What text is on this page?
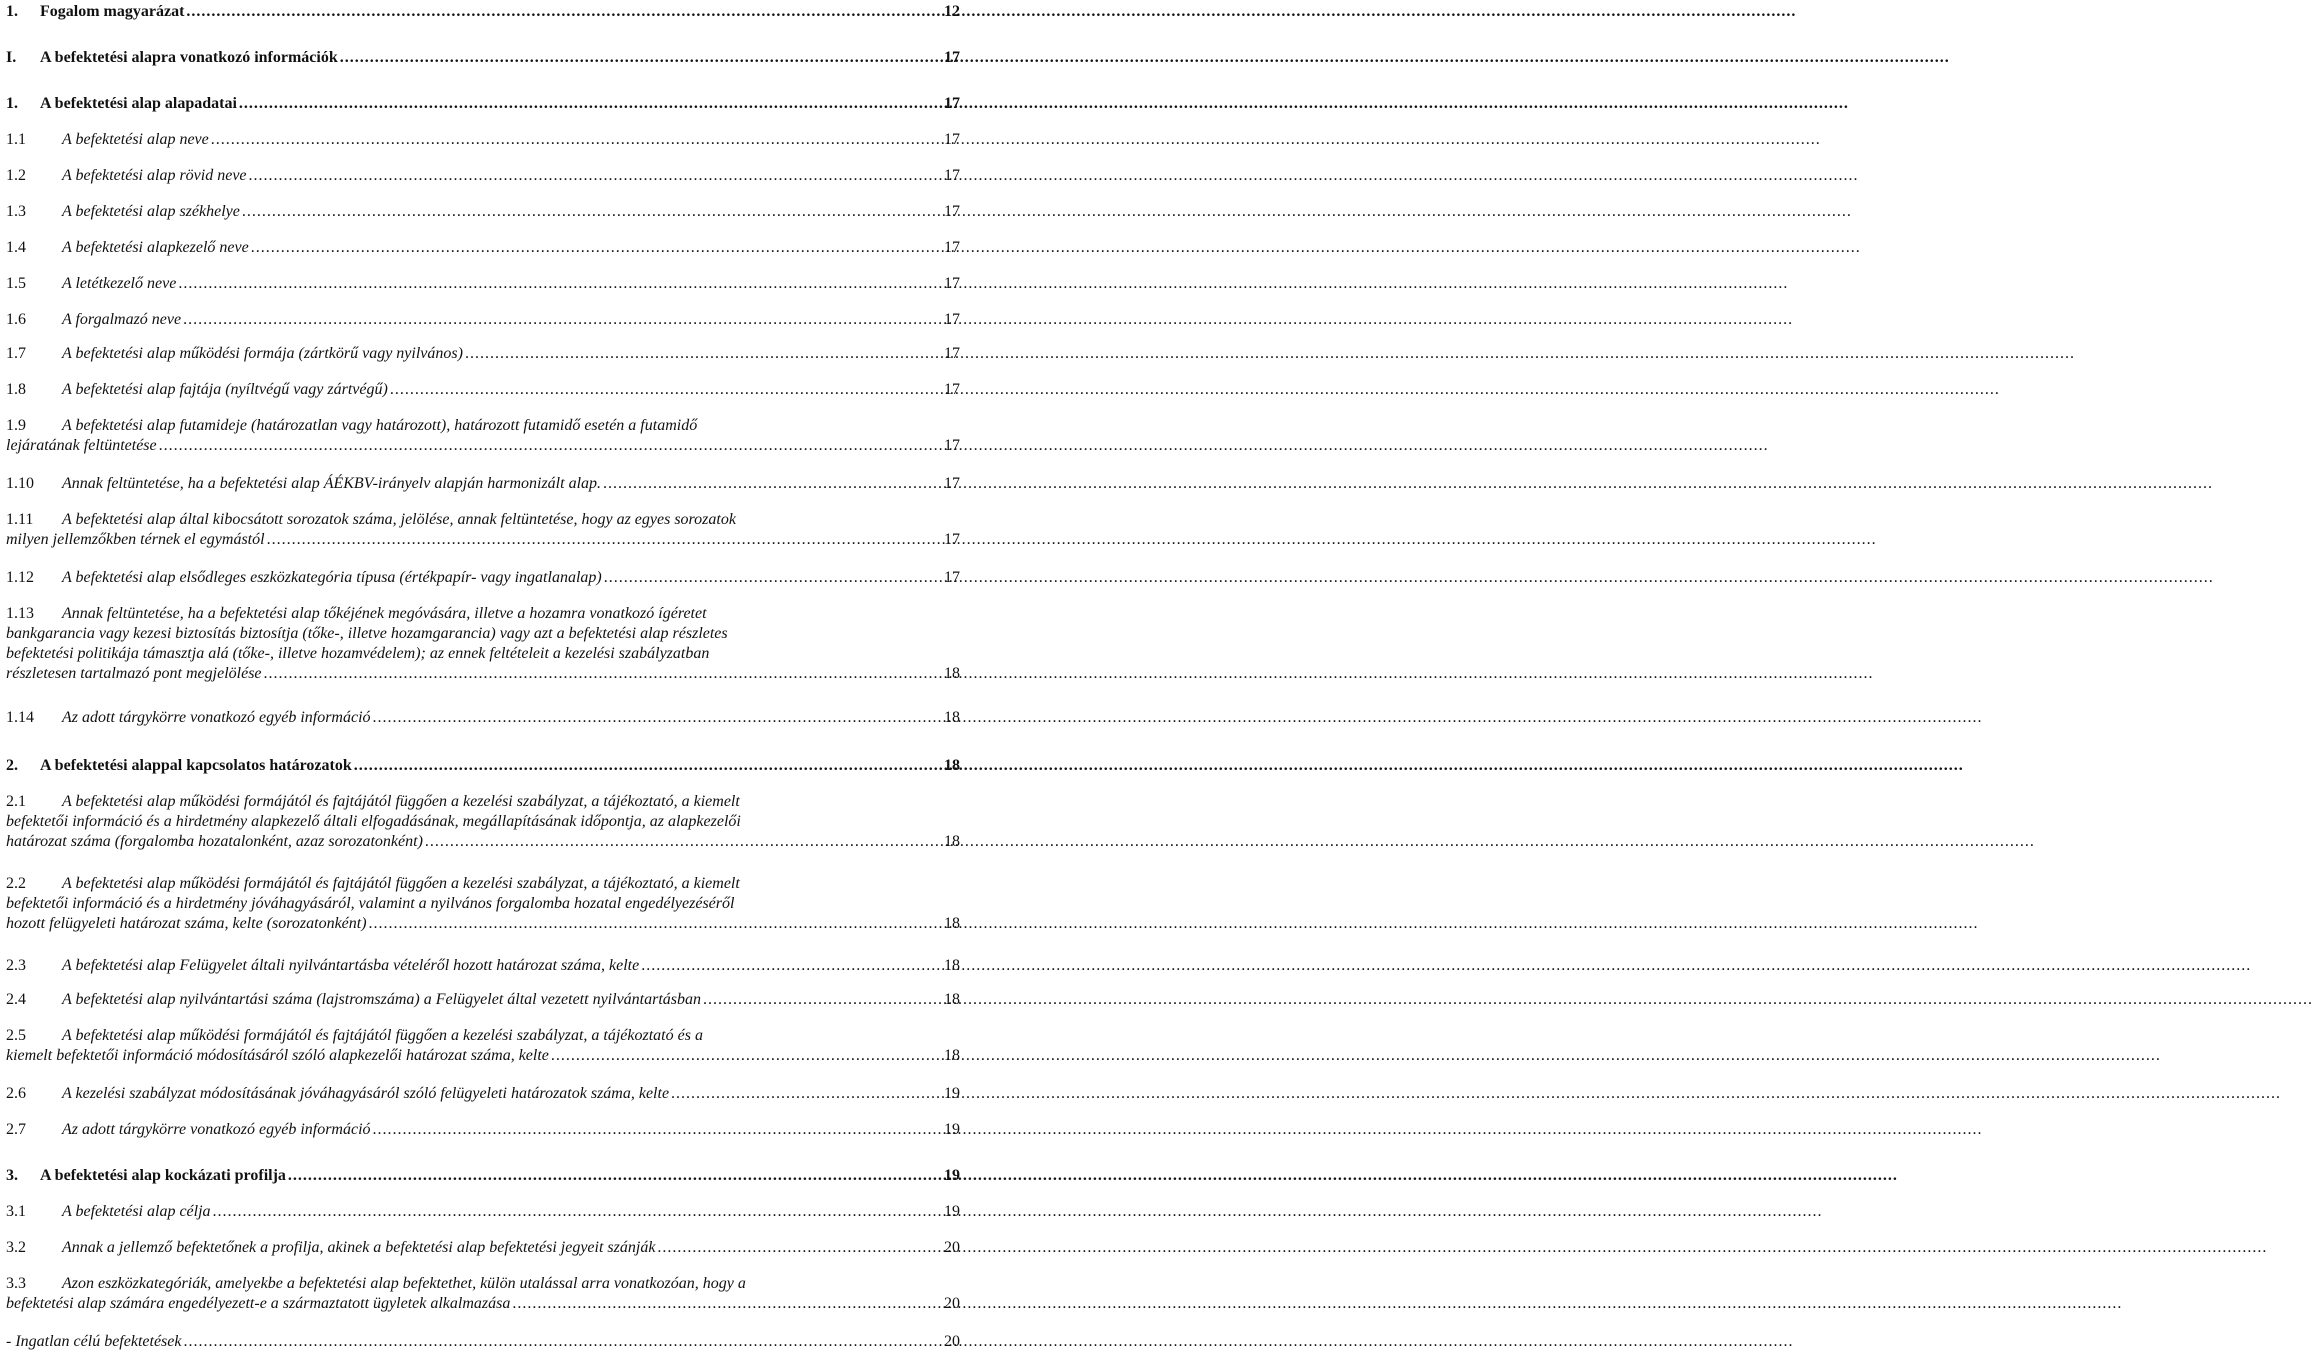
1.	Fogalom magyarázat .....	12
I.	A befektetési alapra vonatkozó információk .....	17
1.	A befektetési alap alapadatai .....	17
1.1	A befektetési alap neve .....	17
1.2	A befektetési alap rövid neve .....	17
1.3	A befektetési alap székhelye .....	17
1.4	A befektetési alapkezelő neve .....	17
1.5	A letétkezelő neve .....	17
1.6	A forgalmazó neve .....	17
1.7	A befektetési alap működési formája (zártkörű vagy nyilvános) .....	17
1.8	A befektetési alap fajtája (nyíltvégű vagy zártvégű) .....	17
1.9 A befektetési alap futamideje (határozatlan vagy határozott), határozott futamidő esetén a futamidő
lejáratának feltüntetése .....	17
1.10	Annak feltüntetése, ha a befektetési alap ÁÉKBV-irányelv alapján harmonizált alap. .....	17
1.11 A befektetési alap által kibocsátott sorozatok száma, jelölése, annak feltüntetése, hogy az egyes sorozatok
milyen jellemzőkben térnek el egymástól .....	17
1.12	A befektetési alap elsődleges eszközkategória típusa (értékpapír- vagy ingatlanalap) .....	17
1.13 Annak feltüntetése, ha a befektetési alap tőkéjének megóvására, illetve a hozamra vonatkozó ígéretet
bankgarancia vagy kezesi biztosítás biztosítja (tőke-, illetve hozamgarancia) vagy azt a befektetési alap részletes
befektetési politikája támasztja alá (tőke-, illetve hozamvédelem); az ennek feltételeit a kezelési szabályzatban
részletesen tartalmazó pont megjelölése .....	18
1.14	Az adott tárgykörre vonatkozó egyéb információ .....	18
2.	A befektetési alappal kapcsolatos határozatok .....	18
2.1 A befektetési alap működési formájától és fajtájától függően a kezelési szabályzat, a tájékoztató, a kiemelt
befektetői információ és a hirdetmény alapkezelő általi elfogadásának, megállapításának időpontja, az alapkezelői
határozat száma (forgalomba hozatalonként, azaz sorozatonként) .....	18
2.2 A befektetési alap működési formájától és fajtájától függően a kezelési szabályzat, a tájékoztató, a kiemelt
befektetői információ és a hirdetmény jóváhagyásáról, valamint a nyilvános forgalomba hozatal engedélyezéséről
hozott felügyeleti határozat száma, kelte (sorozatonként) .....	18
2.3	A befektetési alap Felügyelet általi nyilvántartásba vételéről hozott határozat száma, kelte .....	18
2.4	A befektetési alap nyilvántartási száma (lajstromszáma) a Felügyelet által vezetett nyilvántartásban .....	18
2.5 A befektetési alap működési formájától és fajtájától függően a kezelési szabályzat, a tájékoztató és a
kiemelt befektetői információ módosításáról szóló alapkezelői határozat száma, kelte .....	18
2.6	A kezelési szabályzat módosításának jóváhagyásáról szóló felügyeleti határozatok száma, kelte .....	19
2.7	Az adott tárgykörre vonatkozó egyéb információ .....	19
3.	A befektetési alap kockázati profilja .....	19
3.1	A befektetési alap célja .....	19
3.2	Annak a jellemző befektetőnek a profilja, akinek a befektetési alap befektetési jegyeit szánják .....	20
3.3 Azon eszközkategóriák, amelyekbe a befektetési alap befektethet, külön utalással arra vonatkozóan, hogy a
befektetési alap számára engedélyezett-e a származtatott ügyletek alkalmazása .....	20
- Ingatlan célú befektetések .....	20
